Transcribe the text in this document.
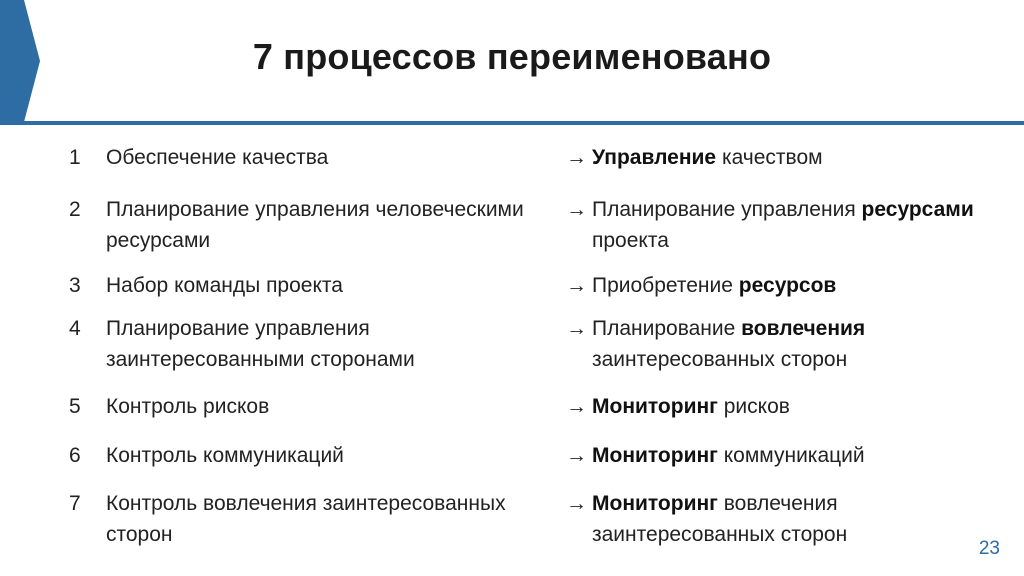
7 процессов переименовано
1 Обеспечение качества	→ Управление качеством
2 Планирование управления человеческими ресурсами
→ Планирование управления ресурсами проекта
3 Набор команды проекта	→ Приобретение ресурсов
4 Планирование управления заинтересованными сторонами
→ Планирование вовлечения заинтересованных сторон
5 Контроль рисков	→ Мониторинг рисков
6 Контроль коммуникаций	→ Мониторинг коммуникаций
7 Контроль вовлечения заинтересованных сторон
→ Мониторинг вовлечения заинтересованных сторон
23
